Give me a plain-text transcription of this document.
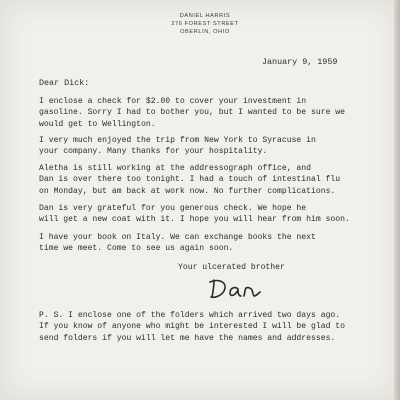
DANIEL HARRIS
276 FOREST STREET
OBERLIN, OHIO
January 9, 1959
Dear Dick:
I enclose a check for $2.00 to cover your investment in
gasoline. Sorry I had to bother you, but I wanted to be sure we
would get to Wellington.
I very much enjoyed the trip from New York to Syracuse in
your company. Many thanks for your hospitality.
Aletha is still working at the addressograph office, and
Dan is over there too tonight. I had a touch of intestinal flu
on Monday, but am back at work now. No further complications.
Dan is very grateful for you generous check. We hope he
will get a new coat with it. I hope you will hear from him soon.
I have your book on Italy. We can exchange books the next
time we meet. Come to see us again soon.
Your ulcerated brother
P. S. I enclose one of the folders which arrived two days ago.
If you know of anyone who might be interested I will be glad to
send folders if you will let me have the names and addresses.
